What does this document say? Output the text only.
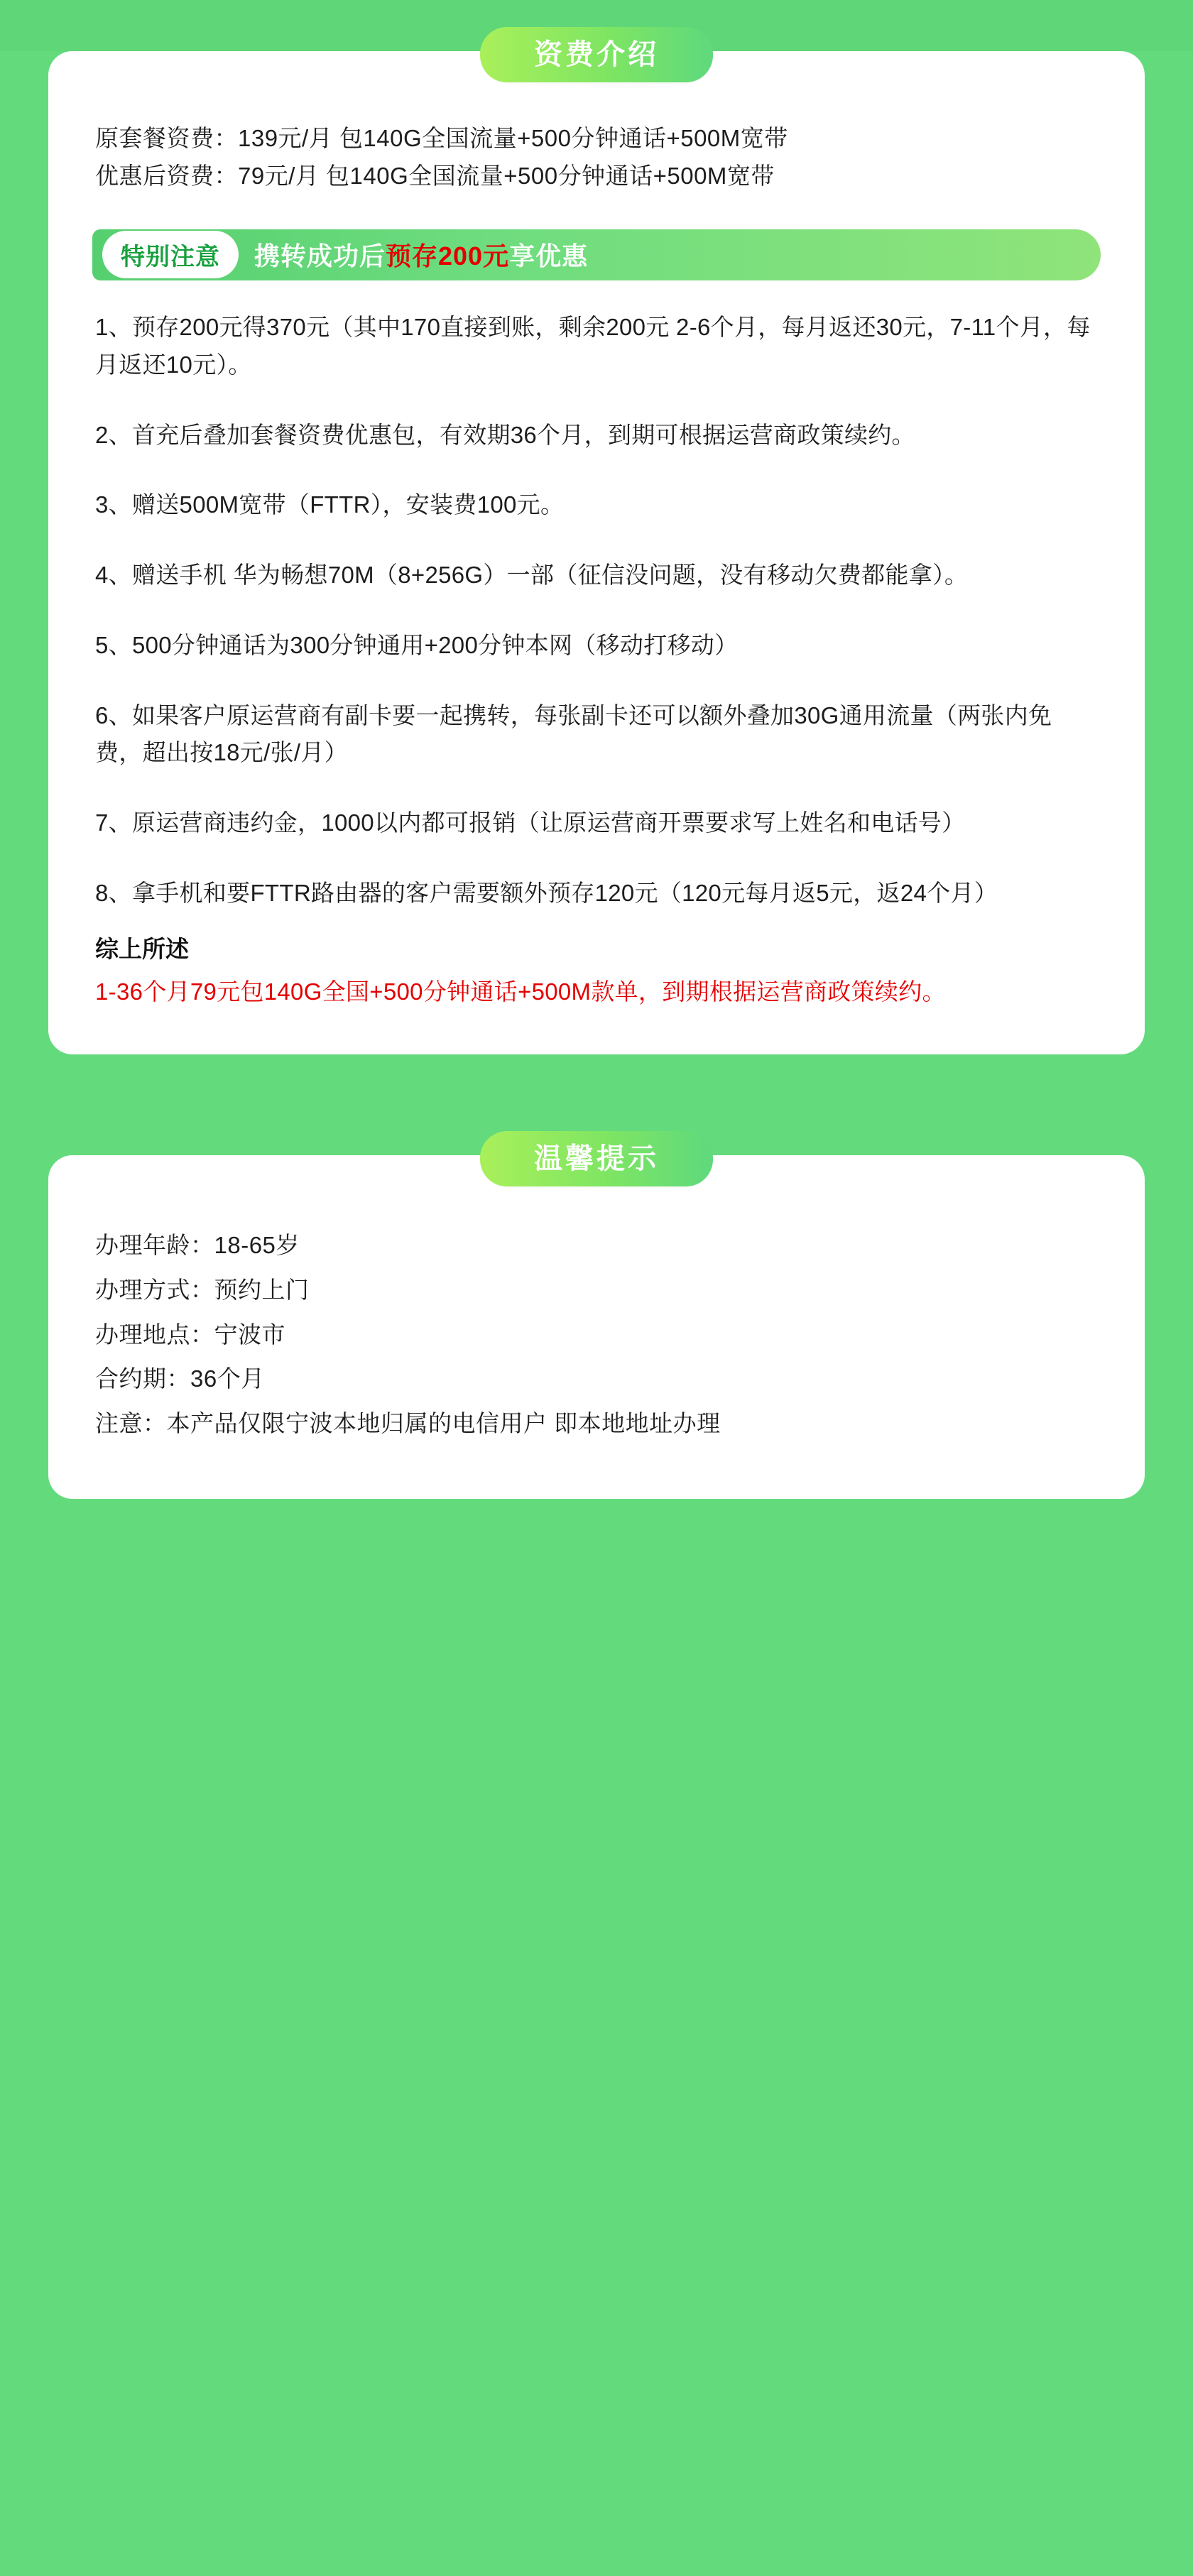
资费介绍
原套餐资费：139元/月 包140G全国流量+500分钟通话+500M宽带
优惠后资费：79元/月 包140G全国流量+500分钟通话+500M宽带
特别注意	携转成功后预存200元享优惠
1、预存200元得370元（其中170直接到账，剩余200元 2-6个月，每月返还30元，7-11个月，每月返还10元）。
2、首充后叠加套餐资费优惠包，有效期36个月，到期可根据运营商政策续约。
3、赠送500M宽带（FTTR），安装费100元。
4、赠送手机 华为畅想70M（8+256G）一部（征信没问题，没有移动欠费都能拿）。
5、500分钟通话为300分钟通用+200分钟本网（移动打移动）
6、如果客户原运营商有副卡要一起携转，每张副卡还可以额外叠加30G通用流量（两张内免费，超出按18元/张/月）
7、原运营商违约金，1000以内都可报销（让原运营商开票要求写上姓名和电话号）
8、拿手机和要FTTR路由器的客户需要额外预存120元（120元每月返5元，返24个月）
综上所述
1-36个月79元包140G全国+500分钟通话+500M款单，到期根据运营商政策续约。
温馨提示
办理年龄：18-65岁
办理方式：预约上门
办理地点：宁波市
合约期：36个月
注意：本产品仅限宁波本地归属的电信用户 即本地地址办理
